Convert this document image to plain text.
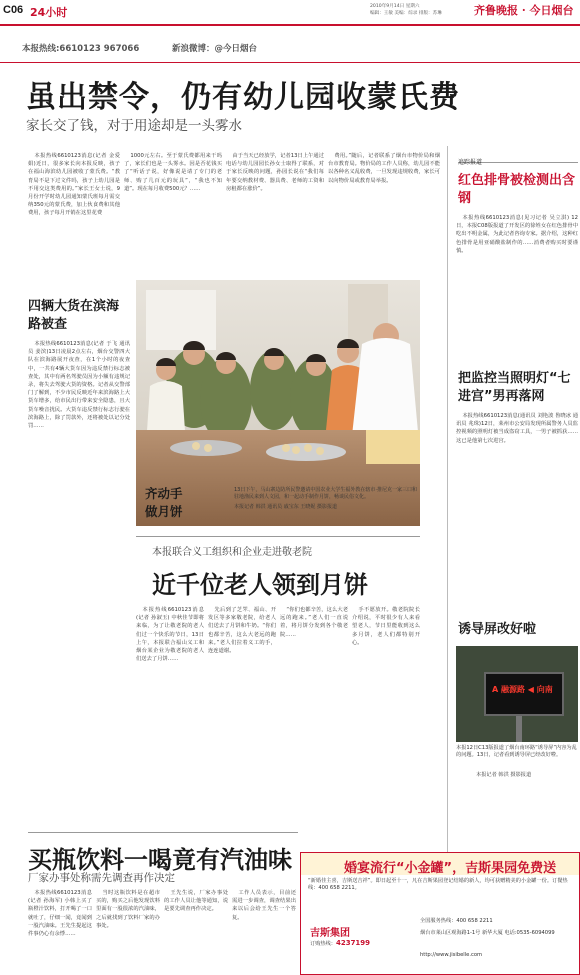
C06 24小时	2010年9月14日 星期六
编辑：王敏 美编：综录 排版：苏琳	齐鲁晚报 · 今日烟台
本报热线:6610123 967066	新浪微博：@今日烟台
虽出禁令，仍有幼儿园收蒙氏费
家长交了钱，对于用途却是一头雾水

本报热线6610123消息(记者 金爱娟)近日，很多家长向本报反映，孩子在福山海滨幼儿园被收了蒙氏费。“教育局不是下过文件吗，孩子上幼儿园是不用交这类费用的。”家长王女士说，9月份开学时幼儿园通知蒙氏班每月需交纳350元的蒙氏费，加上伙食费和其他费用，孩子每月开销在这里花费

1000元左右。至于蒙氏费都用来干吗了，家长们也是一头雾水。因是否花钱买了“听话子说，好像说是请了专门的老师、购了几百元的玩具”，“我也不知道”。现在每月收费500元？……

由于当天已经放学，记者13日上午通过电话与幼儿园园长孙女士取得了联系，对于家长反映的问题，孙园长说在“我们每年要交纳教材费、器具费、老师的工资和房租都在涨价”。

费用。”随后，记者联系了烟台市物价局和烟台市教育局。物价局的工作人员称，幼儿园不能以各种名义乱收费，一旦发现违规收费，家长可以向物价局或教育局举报。

四辆大货在滨海路被查

本报热线6610123消息(记者 于飞 通讯员 姜滨)13日凌晨2点左右，烟台交警四大队在滨海路展开夜查，在1个小时的夜查中，一共有4辆大货车因为违反禁行标志被查处，其中有两名驾驶员因为小额有违规记录，将失去驾驶大货的资格。记者从交警部门了解到，不少市民反映近年来滨海路上大货车增多，给市民出行带来安全隐患，且大货车噪音扰民。大货车违反禁行标志行驶在滨海路上，除了罚款外，还将被处以记分处罚……

齐动手
做月饼
13日下午，马山寨边防所民警邀请中国农业大学生福外教在辖市·推尼克一家三口和驻地渔民来到人文园，和一起动手制作月饼，畅谈民俗文化。
本报记者 韩洪 通讯员 戚宝东 王晓妮 摄影报道
本报联合义工组织和企业走进敬老院
近千位老人领到月饼

本报热线6610123消息(记者 孙淑玉) 中秋佳节即将来临，为了让敬老院的老人们过一个快乐的节日，13日上午，本报联合福山义工和烟台某企业为敬老院的老人们送去了月饼……

先后到了芝罘、福山、开发区等多家敬老院，给老人们送去了月饼和牛奶。“你们也都辛苦，这么大老远的跑来。”老人们拉着义工的手，连连道谢。

“你们也都辛苦，这么大老远的跑来。”老人们一直说着，将月饼分发到各个敬老院……

手不愿放开。敬老院院长介绍说，平时很少有人来看望老人，节日里能收到这么多月饼，老人们都特别开心。

追踪报道
红色排骨被检测出含钢

本报热线6610123消息(见习记者 吴立淇) 12日，本报C08版报道了开发区的徐姓女在红色排骨中吃出不明金属，为此记者咨询专家。据介绍，这种红色排骨是用亚硝酸盐制作的……消费者购买时要谨慎。

把监控当照明灯“七进宫”男再落网

本报热线6610123消息(通讯员 刘艳波 鲁晓冰 通讯员 兆珠)12日，莱州市公安局发现所属警务人员监控视频的照明灯被当成盗窃工具，一男子被抓获……这已是他第七次进宫。

诱导屏改好啦
A 融源路 ◀ 向南
本报12日C13版报道了烟台南环路“诱导屏”内容为乱的问题。13日，记者看到诱导屏已经改好啦。
本报记者 韩洪 摄影报道
买瓶饮料一喝竟有汽油味
厂家办事处称需先调查再作决定

本报热线6610123消息(记者 孙海军) 小韩上买了瓶橙汁饮料，打开喝了一口就吐了，仔细一闻，竟闻到一股汽油味。王先生提起这件事仍心有余悸……

当时这瓶饮料是在超市买的，购买之后他发现饮料里面有一股很浓的汽油味，之后就找到了饮料厂家的办事处。

王先生说，厂家办事处的工作人员让他等通知，说是要先调查再作决定。

工作人员表示，目前还需进一步调查，调查结果出来以后会给王先生一个答复。

婚宴流行“小金罐”，吉斯果园免费送
“新婚佳主喜，吉斯送吉祥”。即日起至十一，凡在吉斯果园登记结婚的新人，均可获赠精美的小金罐一份。订餐热线：400 658 2211。
吉斯集团
订购热线：4237199
全国服务热线：400 658 2211
烟台市莱山区观海路1-1号 新华大厦 电话:0535-6094099
http://www.jisibelle.com
